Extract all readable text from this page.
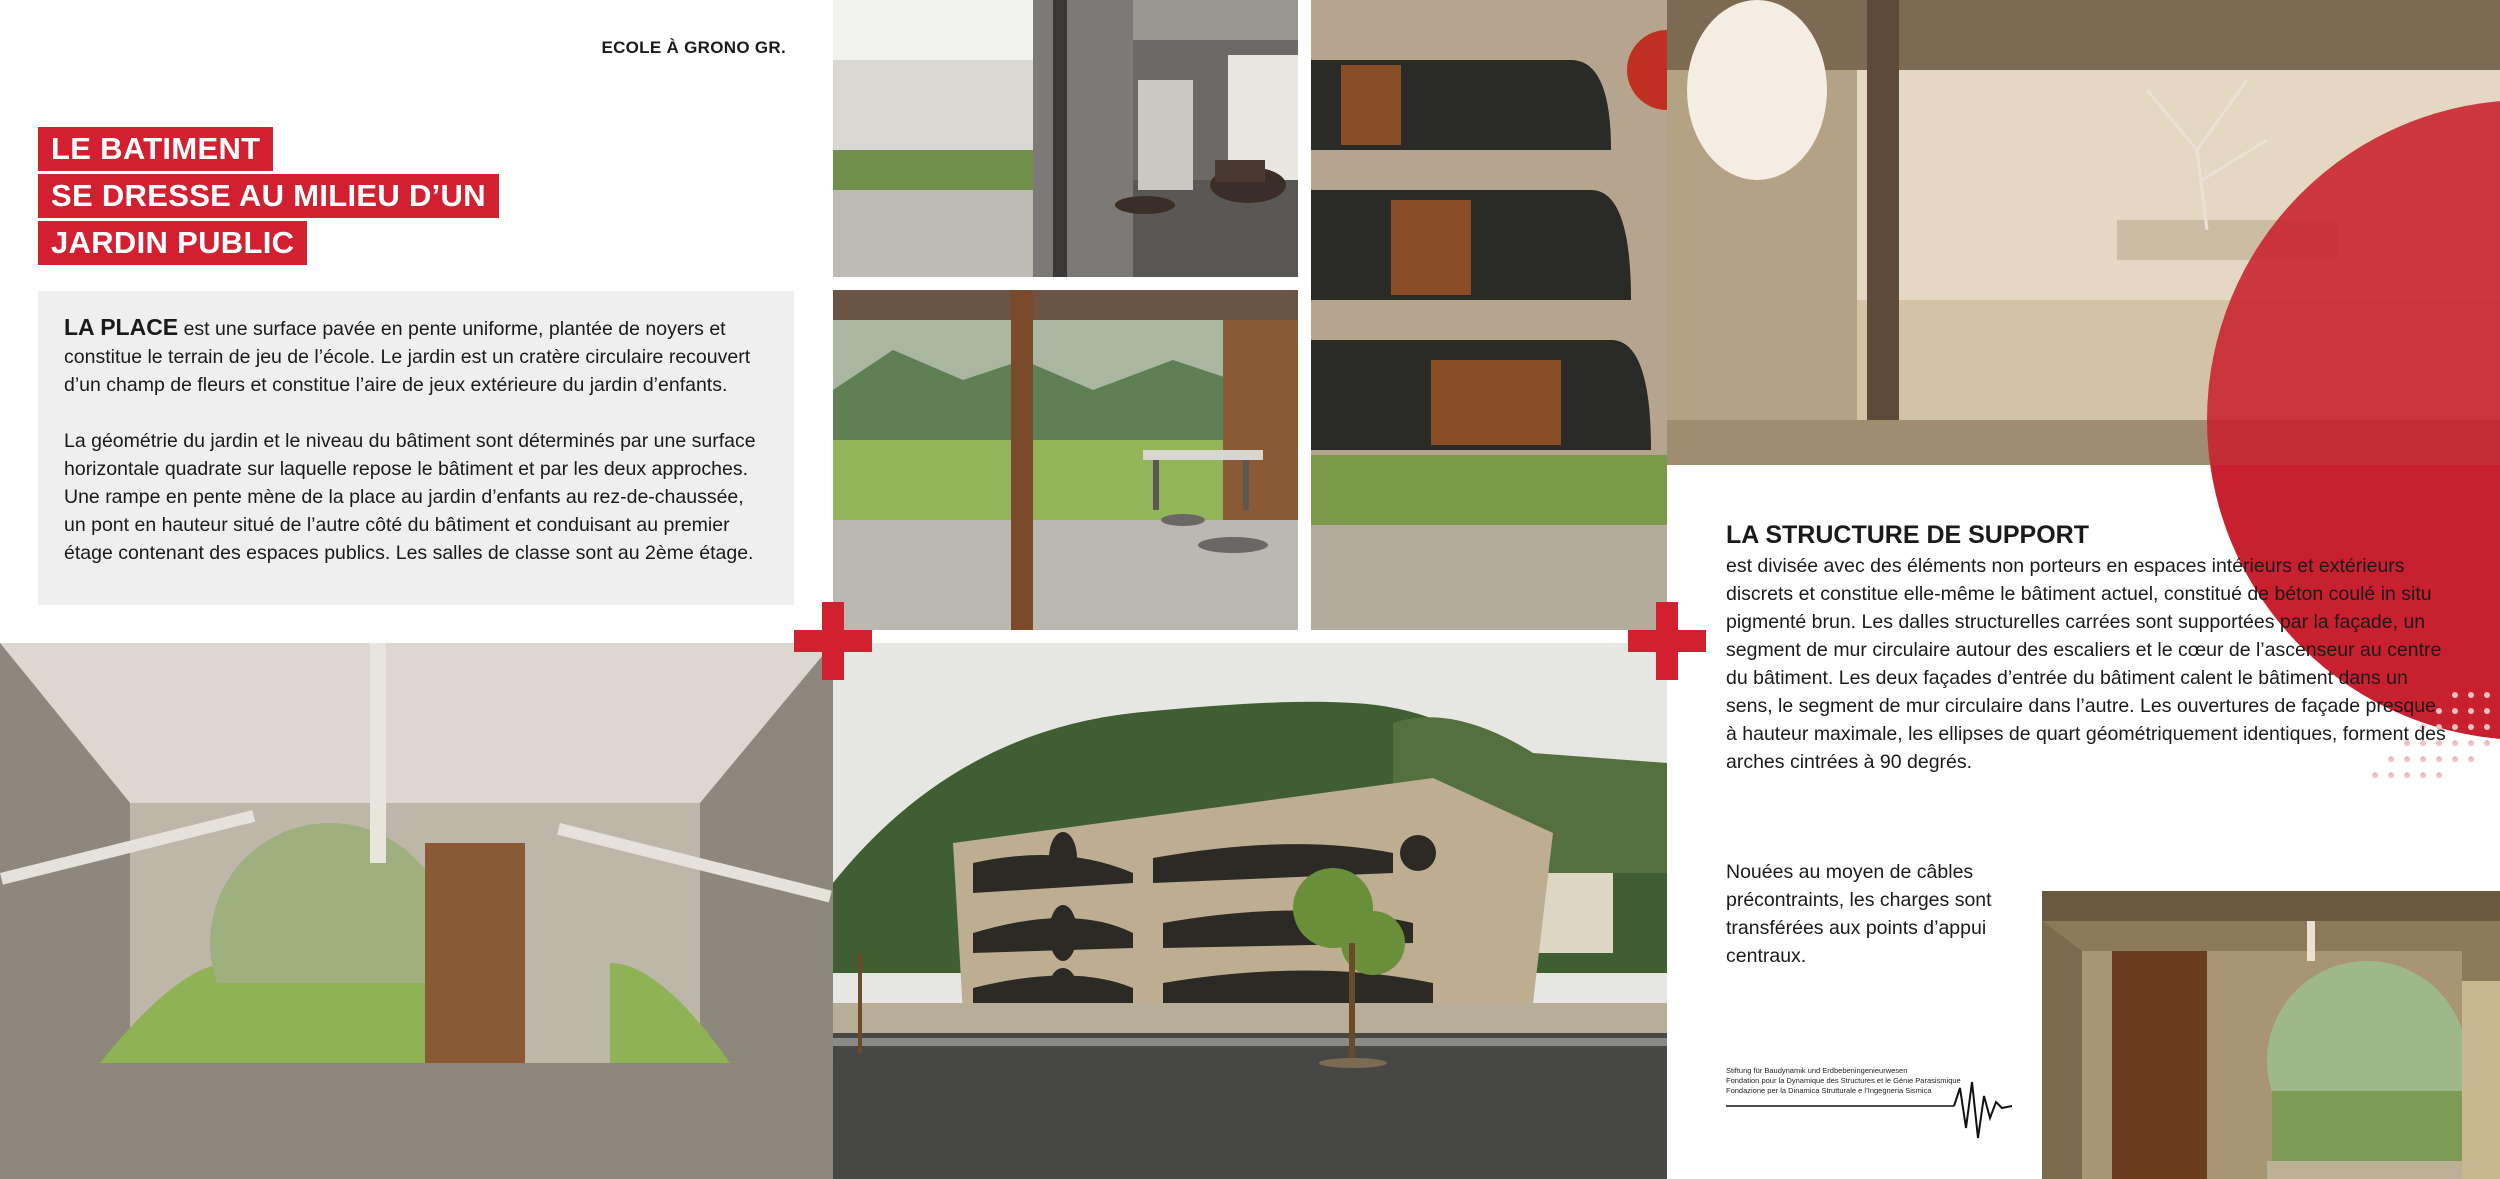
ECOLE À GRONO GR.
LE BATIMENT
SE DRESSE AU MILIEU D’UN
JARDIN PUBLIC

LA PLACE est une surface pavée en pente uniforme, plantée de noyers et constitue le terrain de jeu de l’école. Le jardin est un cratère circulaire recouvert d’un champ de fleurs et constitue l’aire de jeux extérieure du jardin d’enfants.

La géométrie du jardin et le niveau du bâtiment sont déterminés par une surface horizontale quadrate sur laquelle repose le bâtiment et par les deux approches. Une rampe en pente mène de la place au jardin d’enfants au rez-de-chaussée, un pont en hauteur situé de l’autre côté du bâtiment et conduisant au premier étage contenant des espaces publics. Les salles de classe sont au 2ème étage.

LA STRUCTURE DE SUPPORT

est divisée avec des éléments non porteurs en espaces intérieurs et extérieurs discrets et constitue elle-même le bâtiment actuel, constitué de béton coulé in situ pigmenté brun. Les dalles structurelles carrées sont supportées par la façade, un segment de mur circulaire autour des escaliers et le cœur de l’ascenseur au centre du bâtiment. Les deux façades d’entrée du bâtiment calent le bâtiment dans un sens, le segment de mur circulaire dans l’autre. Les ouvertures de façade presque à hauteur maximale, les ellipses de quart géométriquement identiques, forment des arches cintrées à 90 degrés.

Nouées au moyen de câbles précontraints, les charges sont transférées aux points d’appui centraux.

Stiftung für Baudynamik und Erdbebeningenieurwesen
Fondation pour la Dynamique des Structures et le Génie Parasismique
Fondazione per la Dinamica Strutturale e l’Ingegneria Sismica
